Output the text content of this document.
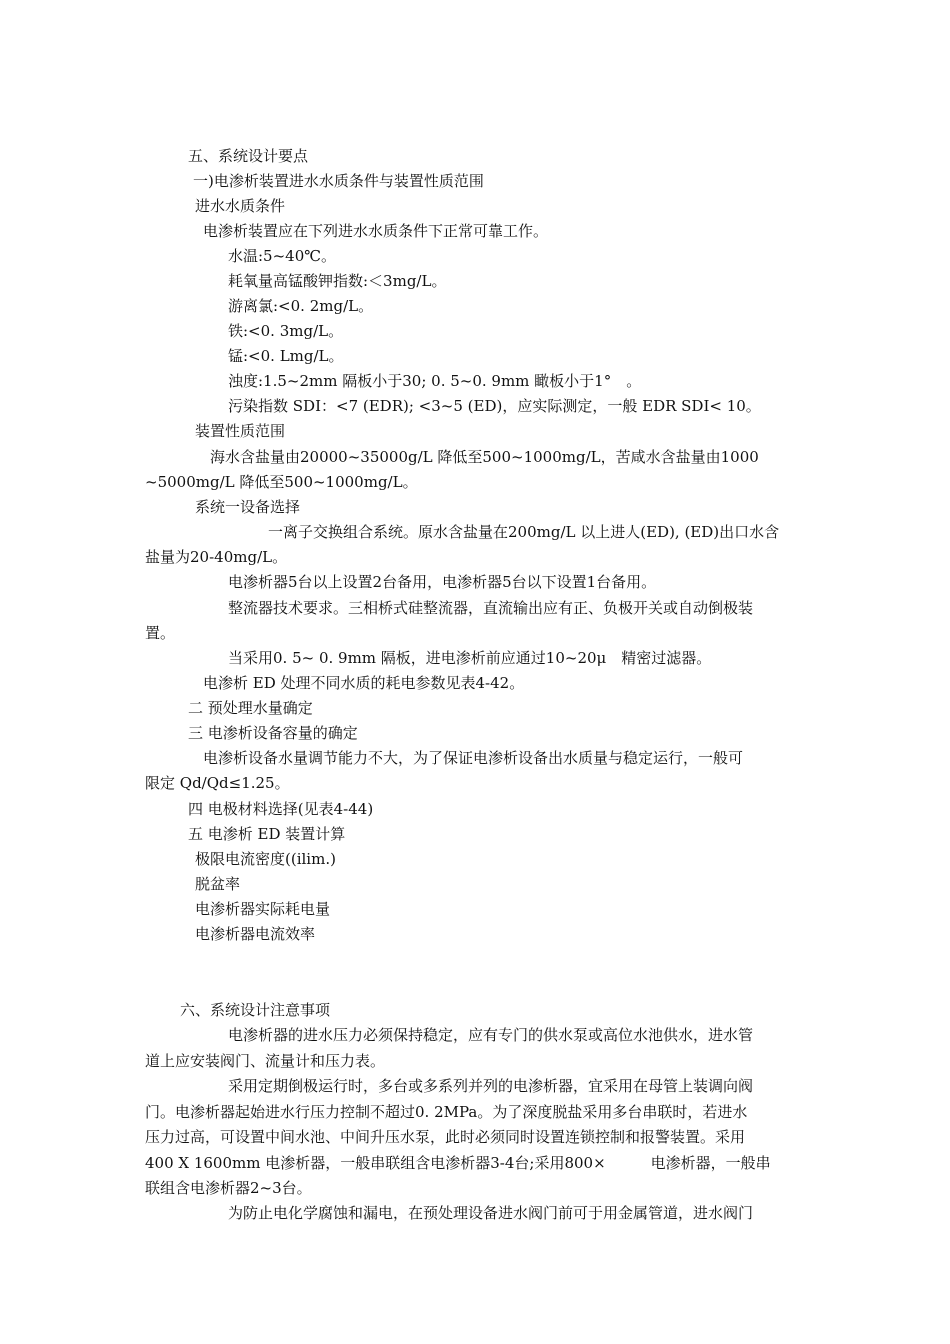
五、系统设计要点
一)电渗析装置进水水质条件与装置性质范围
进水水质条件
电渗析装置应在下列进水水质条件下正常可靠工作。
水温:5~40℃。
耗氧量高锰酸钾指数:＜3mg/L。
游离氯:<0. 2mg/L。
铁:<0. 3mg/L。
锰:<0. Lmg/L。
浊度:1.5~2mm 隔板小于30; 0. 5~0. 9mm 瞰板小于1°　。
污染指数 SDI：<7 (EDR); <3~5 (ED)，应实际测定，一般 EDR SDI< 10。
装置性质范围
海水含盐量由20000~35000g/L 降低至500~1000mg/L，苦咸水含盐量由1000
~5000mg/L 降低至500~1000mg/L。
系统一设备选择
一离子交换组合系统。原水含盐量在200mg/L 以上进人(ED), (ED)出口水含
盐量为20-40mg/L。
电渗析器5台以上设置2台备用，电渗析器5台以下设置1台备用。
整流器技术要求。三相桥式硅整流器，直流输出应有正、负极开关或自动倒极装
置。
当采用0. 5~ 0. 9mm 隔板，进电渗析前应通过10~20μ　精密过滤器。
电渗析 ED 处理不同水质的耗电参数见表4-42。
二 预处理水量确定
三 电渗析设备容量的确定
电渗析设备水量调节能力不大，为了保证电渗析设备出水质量与稳定运行，一般可
限定 Qd/Qd≤1.25。
四 电极材料选择(见表4-44)
五 电渗析 ED 装置计算
极限电流密度((ilim.)
脱盆率
电渗析器实际耗电量
电渗析器电流效率
六、系统设计注意事项

电渗析器的进水压力必须保持稳定，应有专门的供水泵或高位水池供水，进水管

道上应安装阀门、流量计和压力表。

采用定期倒极运行时，多台或多系列并列的电渗析器，宜采用在母管上装调向阀

门。电渗析器起始进水行压力控制不超过0. 2MPa。为了深度脱盐采用多台串联时，若进水

压力过高，可设置中间水池、中间升压水泵，此时必须同时设置连锁控制和报警装置。采用

400 X 1600mm 电渗析器，一般串联组含电渗析器3-4台;采用800×　　　电渗析器，一般串

联组含电渗析器2~3台。

为防止电化学腐蚀和漏电，在预处理设备进水阀门前可于用金属管道，进水阀门
